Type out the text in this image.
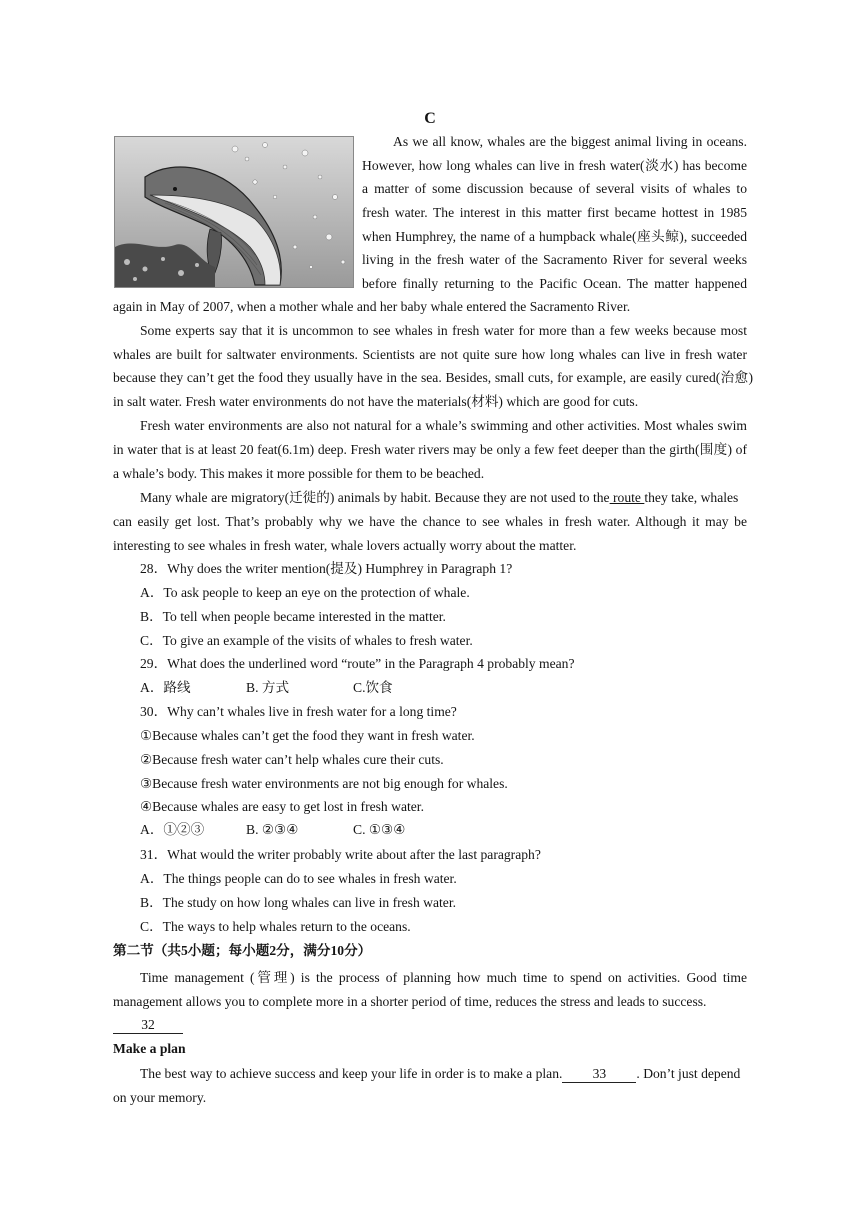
C
As we all know, whales are the biggest animal living in oceans.
However, how long whales can live in fresh water(淡水) has become
a matter of some discussion because of several visits of whales to
fresh water. The interest in this matter first became hottest in 1985
when Humphrey, the name of a humpback whale(座头鲸), succeeded
living in the fresh water of the Sacramento River for several weeks
before finally returning to the Pacific Ocean. The matter happened
again in May of 2007, when a mother whale and her baby whale entered the Sacramento River.
Some experts say that it is uncommon to see whales in fresh water for more than a few weeks because most
whales are built for saltwater environments. Scientists are not quite sure how long whales can live in fresh water
because they can’t get the food they usually have in the sea. Besides, small cuts, for example, are easily cured(治愈)
in salt water. Fresh water environments do not have the materials(材料) which are good for cuts.
Fresh water environments are also not natural for a whale’s swimming and other activities. Most whales swim
in water that is at least 20 feat(6.1m) deep. Fresh water rivers may be only a few feet deeper than the girth(围度) of
a whale’s body. This makes it more possible for them to be beached.
Many whale are migratory(迁徙的) animals by habit. Because they are not used to the route they take, whales
can easily get lost. That’s probably why we have the chance to see whales in fresh water. Although it may be
interesting to see whales in fresh water, whale lovers actually worry about the matter.
28．Why does the writer mention(提及) Humphrey in Paragraph 1?
A．To ask people to keep an eye on the protection of whale.
B．To tell when people became interested in the matter.
C．To give an example of the visits of whales to fresh water.
29．What does the underlined word “route” in the Paragraph 4 probably mean?
A．路线	B. 方式	C.饮食
30．Why can’t whales live in fresh water for a long time?
①Because whales can’t get the food they want in fresh water.
②Because fresh water can’t help whales cure their cuts.
③Because fresh water environments are not big enough for whales.
④Because whales are easy to get lost in fresh water.
A．①②③	B. ②③④	C. ①③④
31．What would the writer probably write about after the last paragraph?
A．The things people can do to see whales in fresh water.
B．The study on how long whales can live in fresh water.
C．The ways to help whales return to the oceans.
第二节（共5小题；每小题2分，满分10分）
Time management (管理) is the process of planning how much time to spend on activities. Good time
management allows you to complete more in a shorter period of time, reduces the stress and leads to success.
32
Make a plan
The best way to achieve success and keep your life in order is to make a plan. 33 . Don’t just depend
on your memory.
